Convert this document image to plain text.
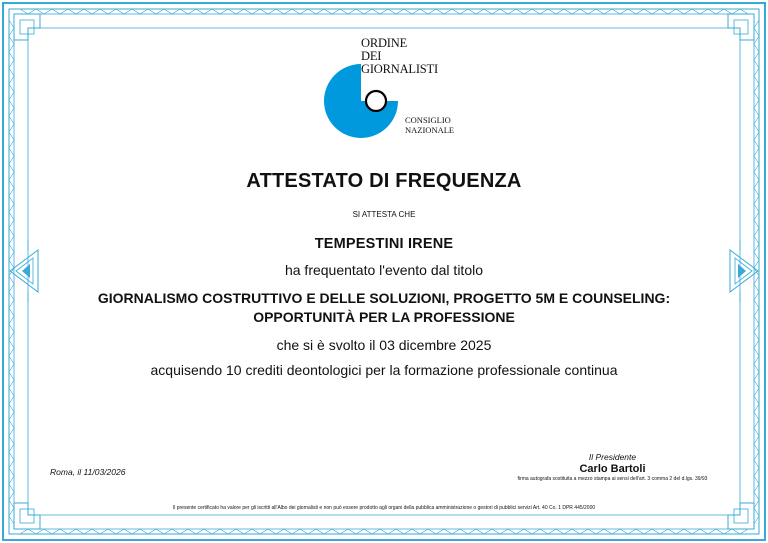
ORDINE
DEI
GIORNALISTI
CONSIGLIO
NAZIONALE
ATTESTATO DI FREQUENZA
SI ATTESTA CHE
TEMPESTINI IRENE
ha frequentato l'evento dal titolo
GIORNALISMO COSTRUTTIVO E DELLE SOLUZIONI, PROGETTO 5M E COUNSELING:
OPPORTUNITÀ PER LA PROFESSIONE
che si è svolto il 03 dicembre 2025
acquisendo 10 crediti deontologici per la formazione professionale continua
Roma, il 11/03/2026
Il Presidente
Carlo Bartoli
firma autografa sostituita a mezzo stampa ai sensi dell'art. 3 comma 2 del d.lgs. 39/93
Il presente certificato ha valore per gli iscritti all'Albo dei giornalisti e non può essere prodotto agli organi della pubblica amministrazione o gestori di pubblici servizi Art. 40 Co. 1 DPR 445/2000
